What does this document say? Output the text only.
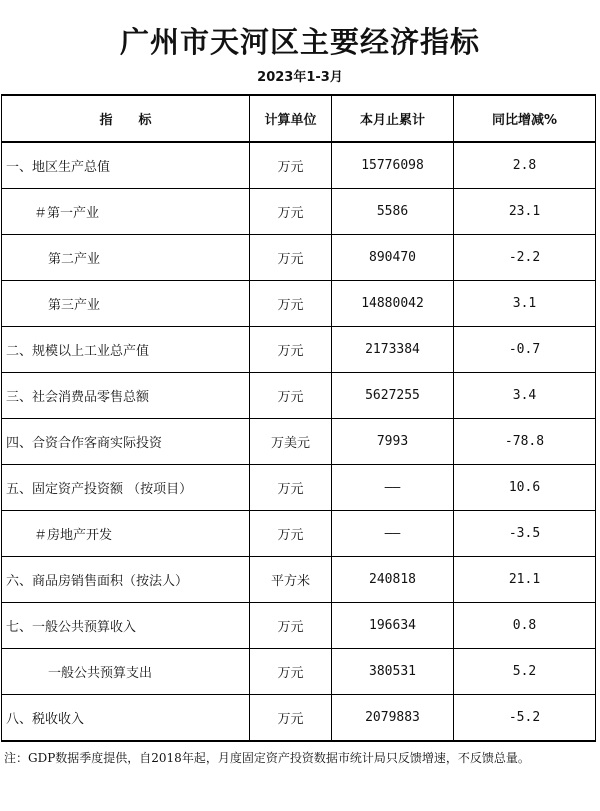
广州市天河区主要经济指标
2023年1-3月
指　　标	计算单位	本月止累计	同比增减%
一、地区生产总值	万元	15776098	2.8
＃第一产业	万元	5586	23.1
第二产业	万元	890470	-2.2
第三产业	万元	14880042	3.1
二、规模以上工业总产值	万元	2173384	-0.7
三、社会消费品零售总额	万元	5627255	3.4
四、合资合作客商实际投资	万美元	7993	-78.8
五、固定资产投资额 （按项目）	万元	——	10.6
＃房地产开发	万元	——	-3.5
六、商品房销售面积（按法人）	平方米	240818	21.1
七、一般公共预算收入	万元	196634	0.8
一般公共预算支出	万元	380531	5.2
八、税收收入	万元	2079883	-5.2
注：GDP数据季度提供，自2018年起，月度固定资产投资数据市统计局只反馈增速，不反馈总量。
